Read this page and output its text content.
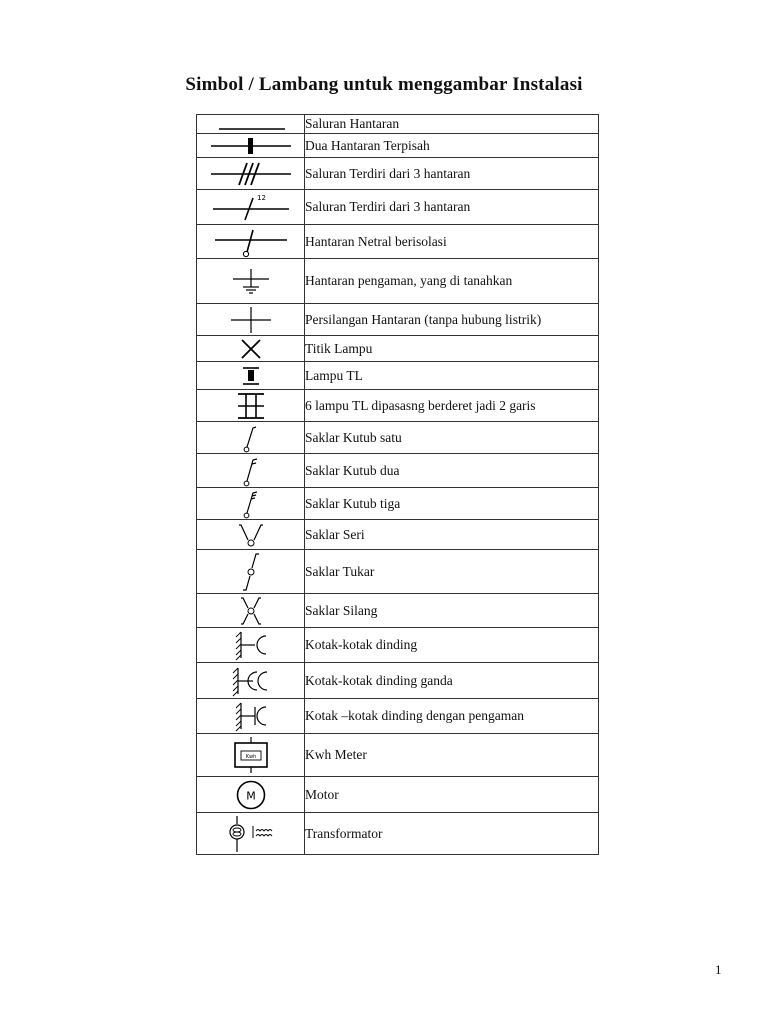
Simbol / Lambang untuk menggambar Instalasi
	Saluran Hantaran

	Dua Hantaran Terpisah

	Saluran Terdiri dari 3 hantaran

12	Saluran Terdiri dari 3 hantaran

	Hantaran Netral berisolasi

	Hantaran pengaman, yang di tanahkan

	Persilangan Hantaran (tanpa hubung listrik)

	Titik Lampu

	Lampu TL

	6 lampu TL dipasasng berderet jadi 2 garis

	Saklar Kutub satu

	Saklar Kutub dua

	Saklar Kutub tiga

	Saklar Seri

	Saklar Tukar

	Saklar Silang

	Kotak-kotak dinding

	Kotak-kotak dinding ganda

	Kotak –kotak dinding dengan pengaman

Kwh	Kwh Meter

M	Motor

	Transformator
1
